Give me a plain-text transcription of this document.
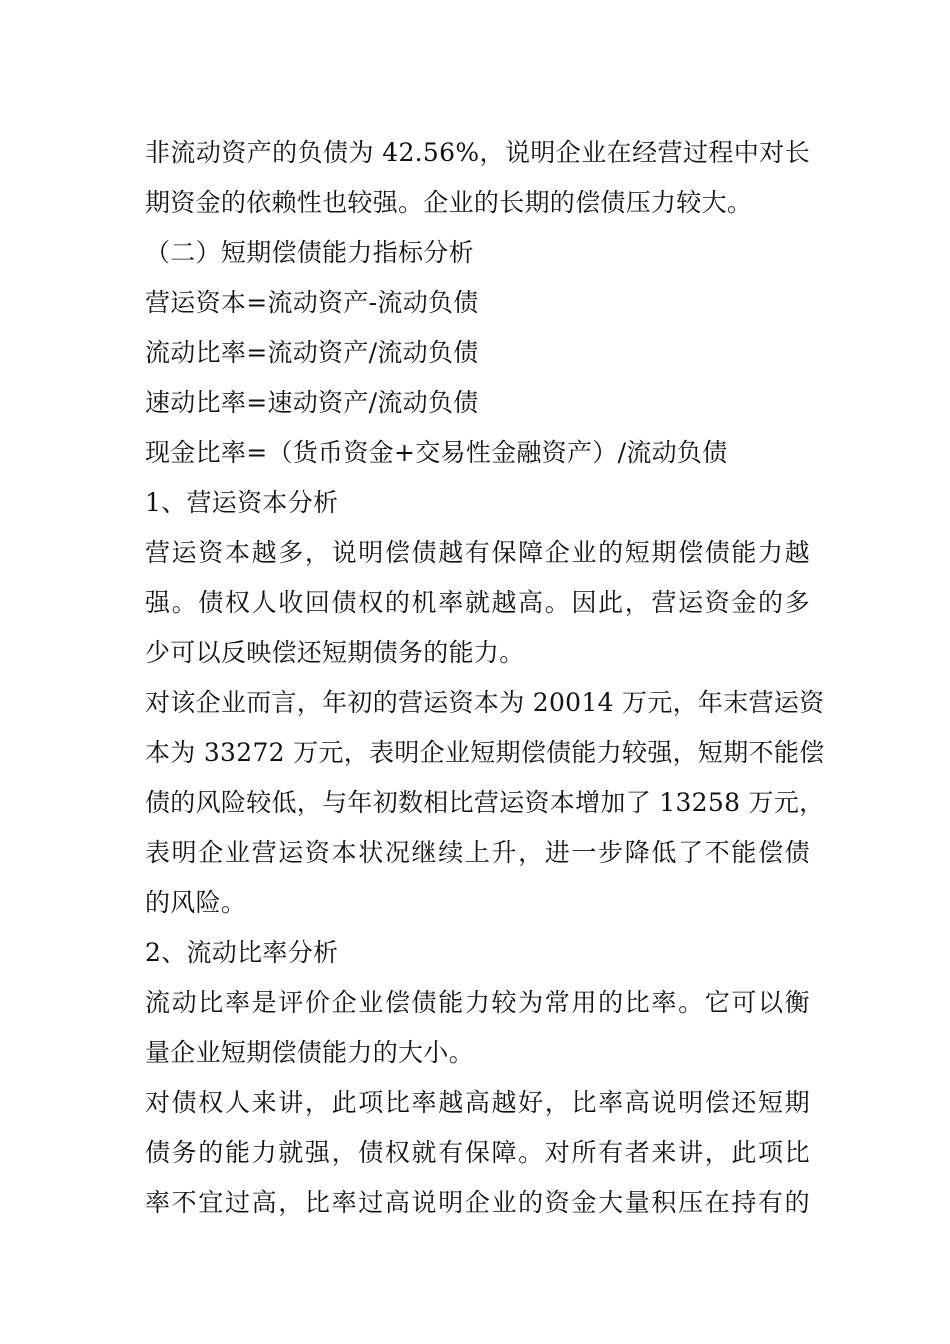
非流动资产的负债为 42.56%，说明企业在经营过程中对长
期资金的依赖性也较强。企业的长期的偿债压力较大。
（二）短期偿债能力指标分析
营运资本=流动资产-流动负债
流动比率=流动资产/流动负债
速动比率=速动资产/流动负债
现金比率=（货币资金+交易性金融资产）/流动负债
1、营运资本分析
营运资本越多，说明偿债越有保障企业的短期偿债能力越
强。债权人收回债权的机率就越高。因此，营运资金的多
少可以反映偿还短期债务的能力。
对该企业而言，年初的营运资本为 20014 万元，年末营运资
本为 33272 万元，表明企业短期偿债能力较强，短期不能偿
债的风险较低，与年初数相比营运资本增加了 13258 万元，
表明企业营运资本状况继续上升，进一步降低了不能偿债
的风险。
2、流动比率分析
流动比率是评价企业偿债能力较为常用的比率。它可以衡
量企业短期偿债能力的大小。
对债权人来讲，此项比率越高越好，比率高说明偿还短期
债务的能力就强，债权就有保障。对所有者来讲，此项比
率不宜过高，比率过高说明企业的资金大量积压在持有的
